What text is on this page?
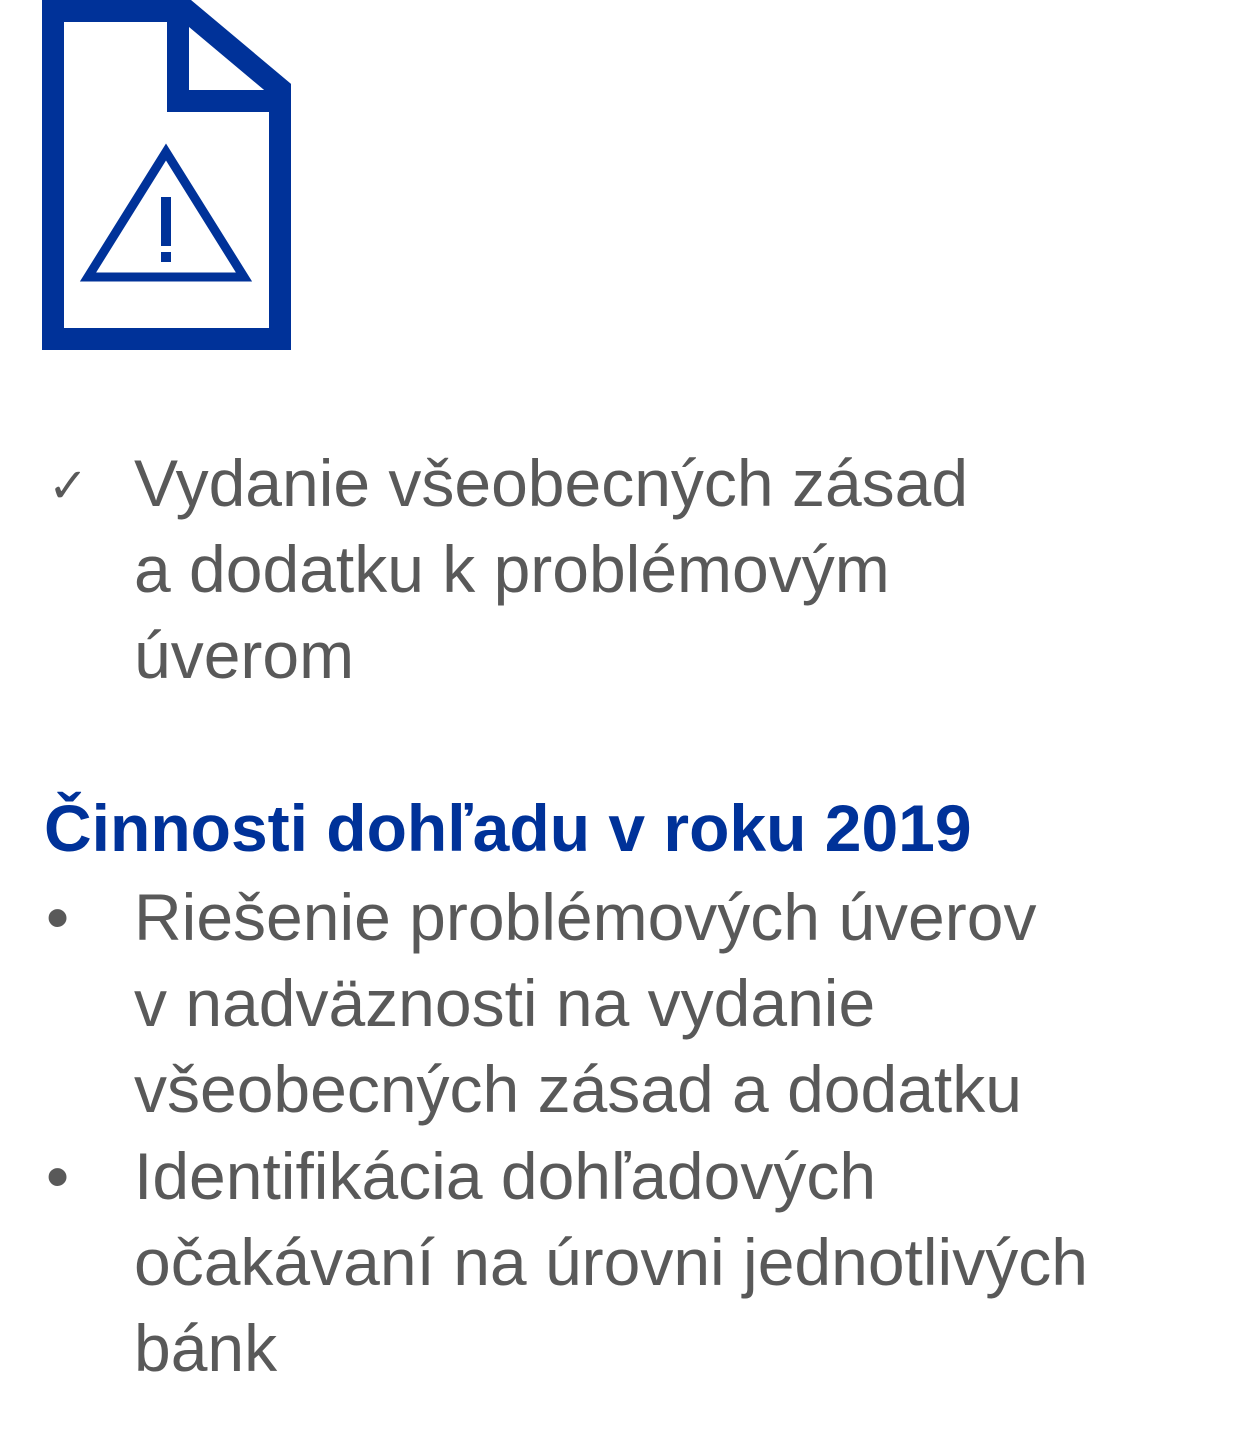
✓ Vydanie všeobecných zásad
a dodatku k problémovým
úverom
Činnosti dohľadu v roku 2019
• Riešenie problémových úverov
v nadväznosti na vydanie
všeobecných zásad a dodatku
• Identifikácia dohľadových
očakávaní na úrovni jednotlivých
bánk
